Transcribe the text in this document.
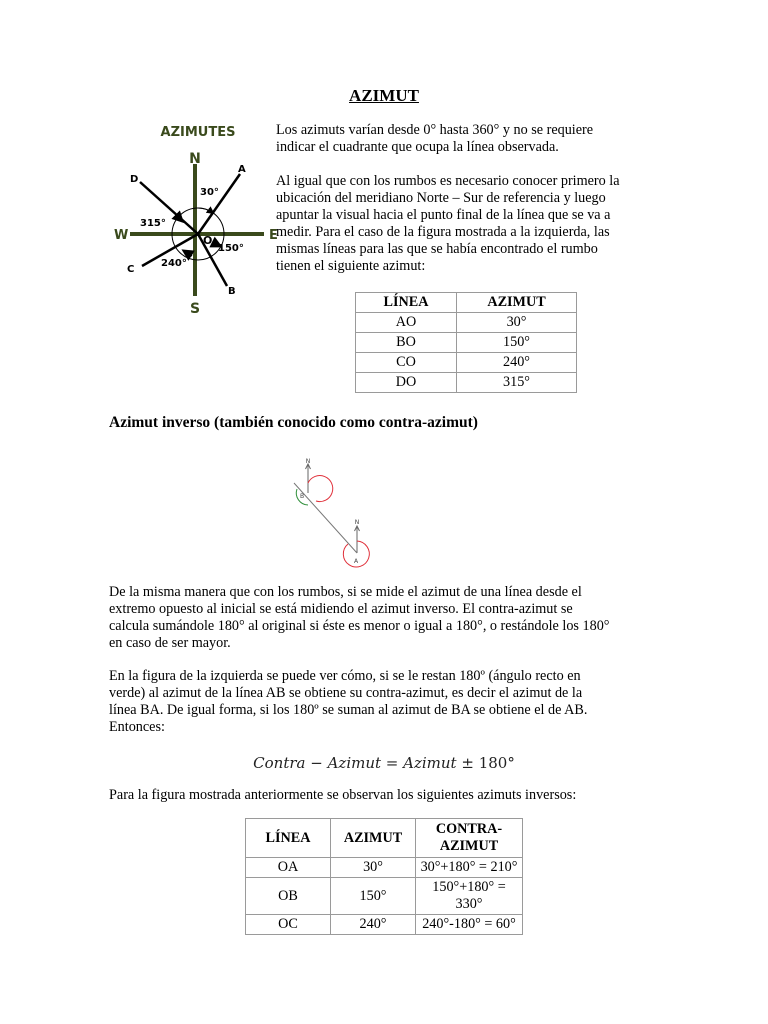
AZIMUT
AZIMUTES
N
S
E
W	O
A
B
C
D
30°
150°
240°
315°
Los azimuts varían desde 0° hasta 360° y no se requiere
indicar el cuadrante que ocupa la línea observada.
Al igual que con los rumbos es necesario conocer primero la
ubicación del meridiano Norte – Sur de referencia y luego
apuntar la visual hacia el punto final de la línea que se va a
medir. Para el caso de la figura mostrada a la izquierda, las
mismas líneas para las que se había encontrado el rumbo
tienen el siguiente azimut:
LÍNEA	AZIMUT
AO	30°
BO	150°
CO	240°
DO	315°
Azimut inverso (también conocido como contra-azimut)
N
N
B
A
De la misma manera que con los rumbos, si se mide el azimut de una línea desde el
extremo opuesto al inicial se está midiendo el azimut inverso. El contra-azimut se
calcula sumándole 180° al original si éste es menor o igual a 180°, o restándole los 180°
en caso de ser mayor.
En la figura de la izquierda se puede ver cómo, si se le restan 180º (ángulo recto en
verde) al azimut de la línea AB se obtiene su contra-azimut, es decir el azimut de la
línea BA. De igual forma, si los 180º se suman al azimut de BA se obtiene el de AB.
Entonces:
Contra − Azimut = Azimut ± 180°
Para la figura mostrada anteriormente se observan los siguientes azimuts inversos:
LÍNEA	AZIMUT	CONTRA-
AZIMUT

OA	30°	30°+180° = 210°
OB	150°	150°+180° =
330°

OC	240°	240°-180° = 60°
